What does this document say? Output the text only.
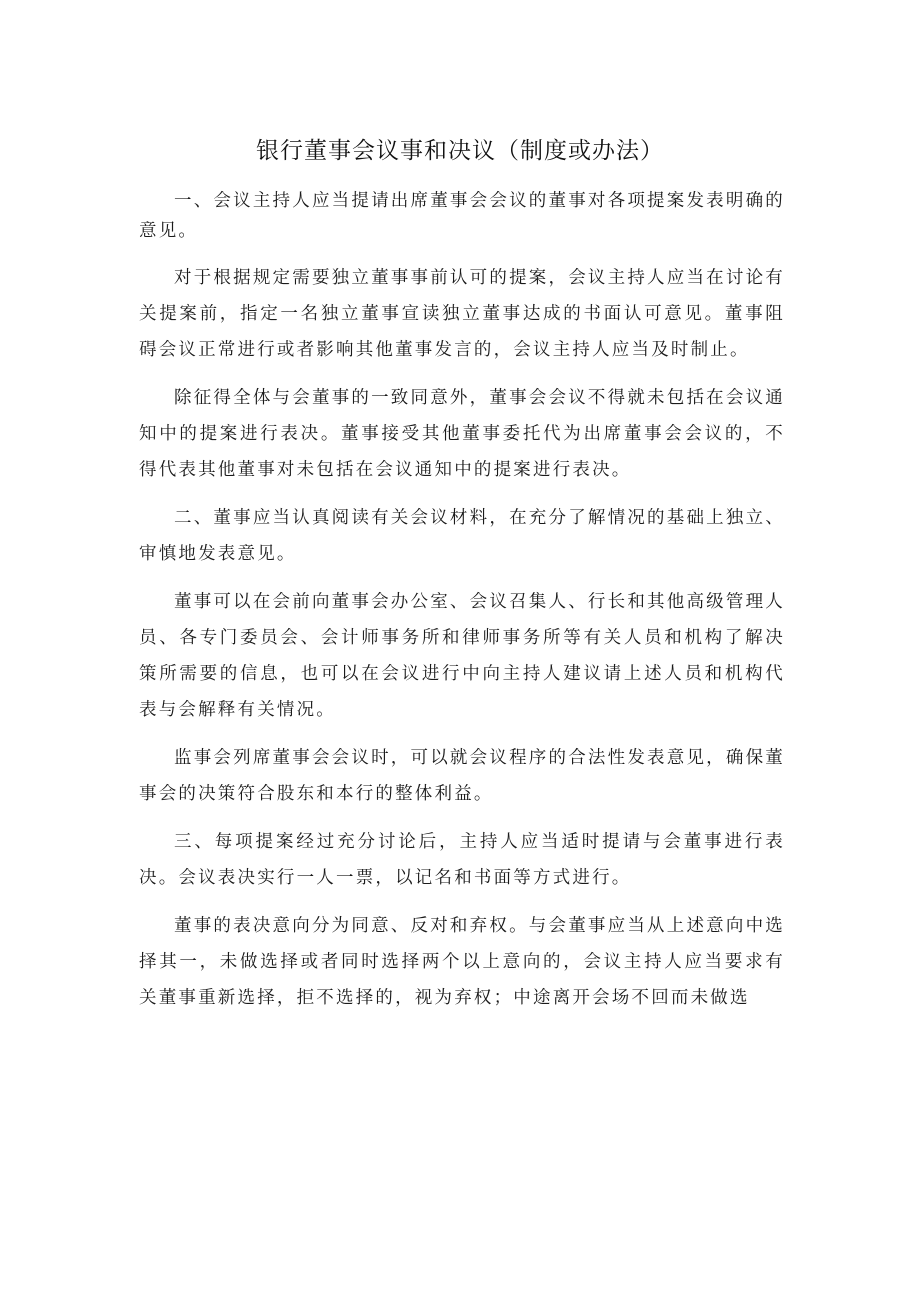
银行董事会议事和决议（制度或办法）

一、会议主持人应当提请出席董事会会议的董事对各项提案发表明确的意见。

对于根据规定需要独立董事事前认可的提案，会议主持人应当在讨论有关提案前，指定一名独立董事宣读独立董事达成的书面认可意见。董事阻碍会议正常进行或者影响其他董事发言的，会议主持人应当及时制止。

除征得全体与会董事的一致同意外，董事会会议不得就未包括在会议通知中的提案进行表决。董事接受其他董事委托代为出席董事会会议的，不得代表其他董事对未包括在会议通知中的提案进行表决。

二、董事应当认真阅读有关会议材料，在充分了解情况的基础上独立、审慎地发表意见。

董事可以在会前向董事会办公室、会议召集人、行长和其他高级管理人员、各专门委员会、会计师事务所和律师事务所等有关人员和机构了解决策所需要的信息，也可以在会议进行中向主持人建议请上述人员和机构代表与会解释有关情况。

监事会列席董事会会议时，可以就会议程序的合法性发表意见，确保董事会的决策符合股东和本行的整体利益。

三、每项提案经过充分讨论后，主持人应当适时提请与会董事进行表决。会议表决实行一人一票，以记名和书面等方式进行。

董事的表决意向分为同意、反对和弃权。与会董事应当从上述意向中选择其一，未做选择或者同时选择两个以上意向的，会议主持人应当要求有关董事重新选择，拒不选择的，视为弃权；中途离开会场不回而未做选
